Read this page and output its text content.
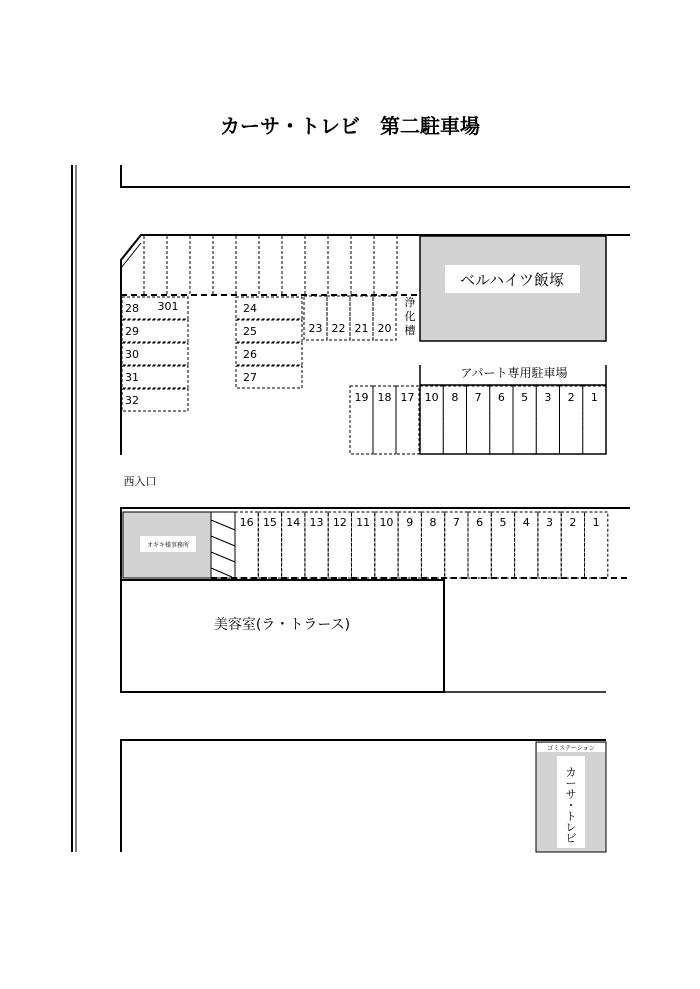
カーサ・トレビ　第二駐車場
ベルハイツ飯塚
28
29
30
31
32
301	24
25
26
27
23 22 21 20
浄
化
槽
アパート専用駐車場
19 18 17 10 8 7 6 5 3 2 1
西入口
オギキ様事務所
16 15 14 13 12 11 10 9 8 7 6 5 4 3 2 1
美容室(ラ・トラース)
ゴミステーション
カ
ー
サ
・
ト
レ
ビ
